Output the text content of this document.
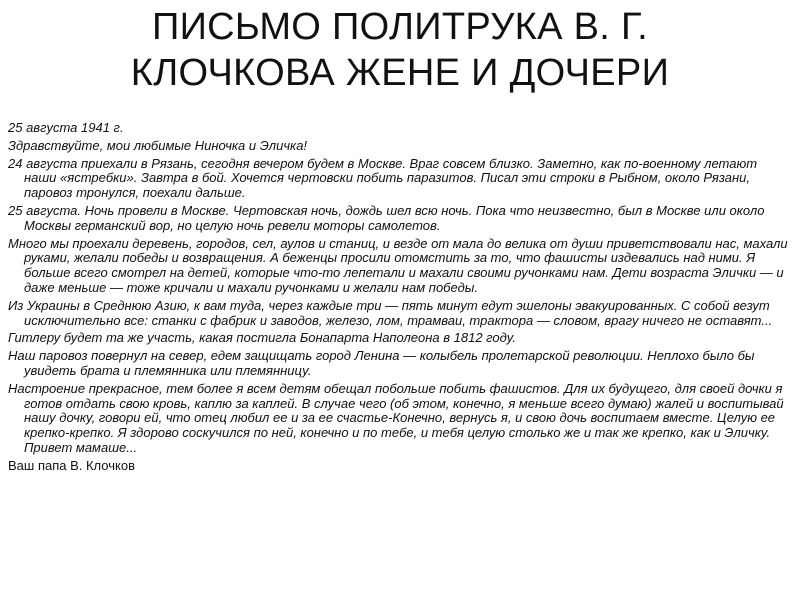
ПИСЬМО ПОЛИТРУКА В. Г.
КЛОЧКОВА ЖЕНЕ И ДОЧЕРИ

25 августа 1941 г.

Здравствуйте, мои любимые Ниночка и Эличка!

24 августа приехали в Рязань, сегодня вечером будем в Москве. Враг совсем близко. Заметно, как по-военному летают наши «ястребки». Завтра в бой. Хочется чертовски побить паразитов. Писал эти строки в Рыбном, около Рязани, паровоз тронулся, поехали дальше.

25 августа. Ночь провели в Москве. Чертовская ночь, дождь шел всю ночь. Пока что неизвестно, был в Москве или около Москвы германский вор, но целую ночь ревели моторы самолетов.

Много мы проехали деревень, городов, сел, аулов и станиц, и везде от мала до велика от души приветствовали нас, махали руками, желали победы и возвращения. А беженцы просили отомстить за то, что фашисты издевались над ними. Я больше всего смотрел на детей, которые что-то лепетали и махали своими ручонками нам. Дети возраста Элички — и даже меньше — тоже кричали и махали ручонками и желали нам победы.

Из Украины в Среднюю Азию, к вам туда, через каждые три — пять минут едут эшелоны эвакуированных. С собой везут исключительно все: станки с фабрик и заводов, железо, лом, трамваи, трактора — словом, врагу ничего не оставят...

Гитлеру будет та же участь, какая постигла Бонапарта Наполеона в 1812 году.

Наш паровоз повернул на север, едем защищать город Ленина — колыбель пролетарской революции. Неплохо было бы увидеть брата и племянника или племянницу.

Настроение прекрасное, тем более я всем детям обещал побольше побить фашистов. Для их будущего, для своей дочки я готов отдать свою кровь, каплю за каплей. В случае чего (об этом, конечно, я меньше всего думаю) жалей и воспитывай нашу дочку, говори ей, что отец любил ее и за ее счастье-Конечно, вернусь я, и свою дочь воспитаем вместе. Целую ее крепко-крепко. Я здорово соскучился по ней, конечно и по тебе, и тебя целую столько же и так же крепко, как и Эличку. Привет мамаше...

Ваш папа В. Клочков
